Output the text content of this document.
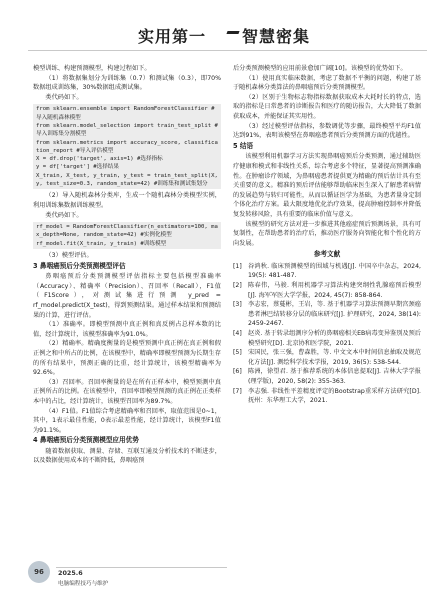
实用第一 智慧密集

模型训练、构建预测模型，构建过程如下。

（1）将数据集划分为训练集（0.7）和测试集（0.3），即70%数据组成训练集，30%数据组成测试集。

类代码如下。

from sklearn.ensemble import RandomForestClassifier #导入随机森林模型
from sklearn.model_selection import train_test_split #导入训练集分割模型
from sklearn.metrics import accuracy_score, classification_report #导入评估模型
X = df.drop('target', axis=1) #选择指标
y = df['target'] #选择结果
X_train, X_test, y_train, y_test = train_test_split(X, y, test_size=0.3, random_state=42) #训练集和测试集划分

（2）导入随机森林分类库，生成一个随机森林分类模型实例，利用训练集数据训练模型。

类代码如下。

rf_model = RandomForestClassifier(n_estimators=100, max_depth=None, random_state=42) #实例化模型
rf_model.fit(X_train, y_train) #训练模型

（3）模型评估。

3 鼻咽癌预后分类预测模型评估

鼻咽癌预后分类预测模型评估指标主要包括模型准确率（Accuracy）、精确率（Precision）、召回率（Recall），F1值（F1Score），对测试集进行预测 y_pred = rf_model.predict(X_test)，得到预测结果。通过样本结果和预测结果的计算，进行评估。

（1）准确率。即模型预测中真正例和真反例占总样本数的比值，经计算统计，该模型准确率为91.0%。

（2）精确率。精确度衡量的是模型预测中真正例在真正例和假正例之和中所占的比例，在该模型中，精确率即模型预测为长期生存的所有结果中，预测正确的比重，经计算统计，该模型精确率为92.6%。

（3）召回率。召回率衡量的是在所有正样本中，模型预测中真正例所占的比例。在该模型中，召回率即模型预测的真正例在正类样本中的占比，经计算统计，该模型召回率为89.7%。

（4）F1值。F1值综合考虑精确率和召回率，取值范围是0~1，其中，1表示最佳性能，0表示最差性能，经计算统计，该模型F1值为91.1%。

4 鼻咽癌预后分类预测模型应用优势

随着数据获取、测量、存储、互联互通及分析技术的不断进步，以及数据使用成本的不断降低，鼻咽癌预

后分类预测模型的应用前景愈加广阔[10]。该模型的优势如下。

（1）使用真实临床数据，考虑了数据不平衡的问题，构建了基于随机森林分类算法的鼻咽癌预后分类预测模型。

（2）区别于生物标志物指标数据获取成本大耗时长的特点，选取的指标是日常患者的诊断报告和医疗的随访报告，大大降低了数据获取成本，并能保证其实用性。

（3）经过模型评估指标，参数调优等步骤，最终模型平均F1值达到91%，表明该模型在鼻咽癌患者预后分类预测方面的优越性。

5 结语

该模型利用机器学习方法实现鼻咽癌预后分类预测，通过辅助医疗健康和模式和非线性关系，综合考虑多个特征，显著提高预测准确性。在肿瘤诊疗领域，为鼻咽癌患者提供更为精确的预后估计具有至关重要的意义。精准的预后评估能够帮助临床医生深入了解患者病情的发展趋势与转归可能性，从而以循证医学为基础，为患者量身定制个体化治疗方案。最大限度地优化治疗效果，提高肿瘤控制率并降低复发转移风险，具有重要的临床价值与意义。

该模型的研究方法对进一步推进其他癌症预后预测场景，具有可复制性，在帮助患者的治疗后，推动医疗服务向智能化和个性化的方向发展。

参考文献
[1] 谷鸿秋. 临床预测模型的围域与机遇[J]. 中国卒中杂志，2024, 19(5): 481-487.
[2] 陈春伟，马骏. 利用机器学习算法构建突纲性乳腺癌预后模型[J]. 海军军医大学学报，2024, 45(7): 858-864.
[3] 李志宏，蔡蔓彬，王岩，等. 基于机器学习算法预测早期宫颈癌患者淋巴结转移分层的临床研究[J]. 护理研究，2024, 38(14): 2459-2467.
[4] 赵炎. 基于转录组测序分析的鼻咽癌相关EB病毒变异鉴别及预后模型研究[D]. 北京协和医学院，2021.
[5] 宋国民，张三强，曹森胜，等. 中文文本中时间信息抽取及规范化方法[J]. 测绘科学技术学报，2019, 36(5): 538-544.
[6] 陈洲，徐望君. 基于推荐系统的本体信息提取[J]. 吉林大学学报(理学版)，2020, 58(2): 355-363.
[7] 李志强. 非线性平差精度评定的Bootstrap重采样方法研究[D]. 抚州：东华理工大学，2021.
96	2025.6
电脑编程技巧与维护
